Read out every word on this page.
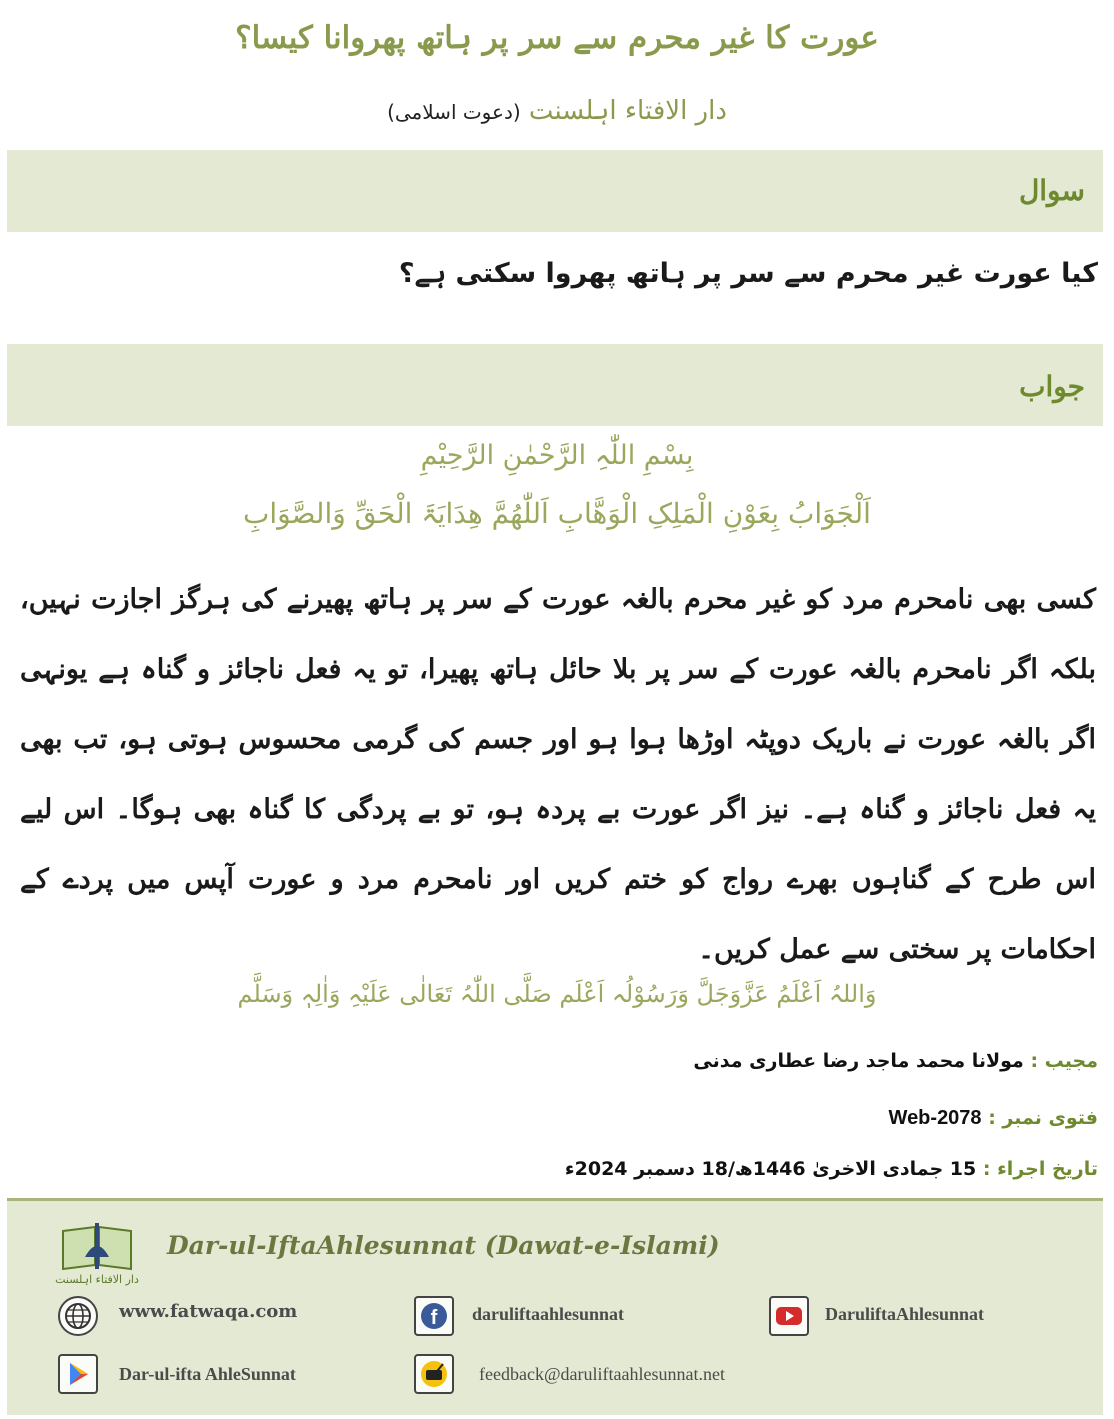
عورت کا غیر محرم سے سر پر ہاتھ پھروانا کیسا؟
دار الافتاء اہلسنت (دعوت اسلامی)
سوال
کیا عورت غیر محرم سے سر پر ہاتھ پھروا سکتی ہے؟
جواب
بِسْمِ اللّٰہِ الرَّحْمٰنِ الرَّحِیْمِ
اَلْجَوَابُ بِعَوْنِ الْمَلِکِ الْوَھَّابِ اَللّٰھُمَّ ھِدَایَۃَ الْحَقِّ وَالصَّوَابِ
کسی بھی نامحرم مرد کو غیر محرم بالغہ عورت کے سر پر ہاتھ پھیرنے کی ہرگز اجازت نہیں، بلکہ اگر نامحرم بالغہ عورت کے سر پر بلا حائل ہاتھ پھیرا، تو یہ فعل ناجائز و گناہ ہے یونہی اگر بالغہ عورت نے باریک دوپٹہ اوڑھا ہوا ہو اور جسم کی گرمی محسوس ہوتی ہو، تب بھی یہ فعل ناجائز و گناہ ہے۔ نیز اگر عورت بے پردہ ہو، تو بے پردگی کا گناہ بھی ہوگا۔ اس لیے اس طرح کے گناہوں بھرے رواج کو ختم کریں اور نامحرم مرد و عورت آپس میں پردے کے احکامات پر سختی سے عمل کریں۔
وَاللہُ اَعْلَمُ عَزَّوَجَلَّ وَرَسُوْلُہ اَعْلَم صَلَّی اللّٰہُ تَعَالٰی عَلَیْہِ وَاٰلِہٖ وَسَلَّم
مجیب : مولانا محمد ماجد رضا عطاری مدنی
فتوی نمبر : Web-2078
تاریخ اجراء : 15 جمادی الاخریٰ 1446ھ/18 دسمبر 2024ء
دار الافتاء اہلسنت
Dar-ul-IftaAhlesunnat (Dawat-e-Islami)
www.fatwaqa.com	f daruliftaahlesunnat	DaruliftaAhlesunnat
Dar-ul-ifta AhleSunnat	feedback@daruliftaahlesunnat.net
